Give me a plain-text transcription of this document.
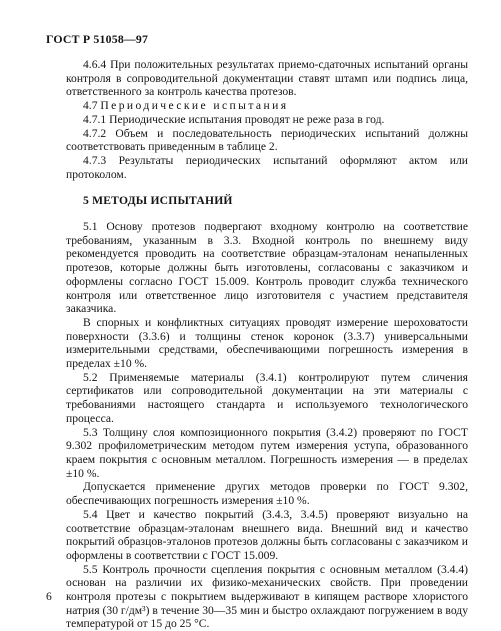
ГОСТ Р 51058—97

4.6.4 При положительных результатах приемо-сдаточных испытаний органы контроля в сопроводительной документации ставят штамп или подпись лица, ответственного за контроль качества протезов.

4.7 Периодические испытания

4.7.1 Периодические испытания проводят не реже раза в год.

4.7.2 Объем и последовательность периодических испытаний должны соответствовать приведенным в таблице 2.

4.7.3 Результаты периодических испытаний оформляют актом или протоколом.

5 МЕТОДЫ ИСПЫТАНИЙ

5.1 Основу протезов подвергают входному контролю на соответствие требованиям, указанным в 3.3. Входной контроль по внешнему виду рекомендуется проводить на соответствие образцам-эталонам ненапыленных протезов, которые должны быть изготовлены, согласованы с заказчиком и оформлены согласно ГОСТ 15.009. Контроль проводит служба технического контроля или ответственное лицо изготовителя с участием представителя заказчика.

В спорных и конфликтных ситуациях проводят измерение шероховатости поверхности (3.3.6) и толщины стенок коронок (3.3.7) универсальными измерительными средствами, обеспечивающими погрешность измерения в пределах ±10 %.

5.2 Применяемые материалы (3.4.1) контролируют путем сличения сертификатов или сопроводительной документации на эти материалы с требованиями настоящего стандарта и используемого технологического процесса.

5.3 Толщину слоя композиционного покрытия (3.4.2) проверяют по ГОСТ 9.302 профилометрическим методом путем измерения уступа, образованного краем покрытия с основным металлом. Погрешность измерения — в пределах ±10 %.

Допускается применение других методов проверки по ГОСТ 9.302, обеспечивающих погрешность измерения ±10 %.

5.4 Цвет и качество покрытий (3.4.3, 3.4.5) проверяют визуально на соответствие образцам-эталонам внешнего вида. Внешний вид и качество покрытий образцов-эталонов протезов должны быть согласованы с заказчиком и оформлены в соответствии с ГОСТ 15.009.

5.5 Контроль прочности сцепления покрытия с основным металлом (3.4.4) основан на различии их физико-механических свойств. При проведении контроля протезы с покрытием выдерживают в кипящем растворе хлористого натрия (30 г/дм³) в течение 30—35 мин и быстро охлаждают погружением в воду температурой от 15 до 25 °С.

6
